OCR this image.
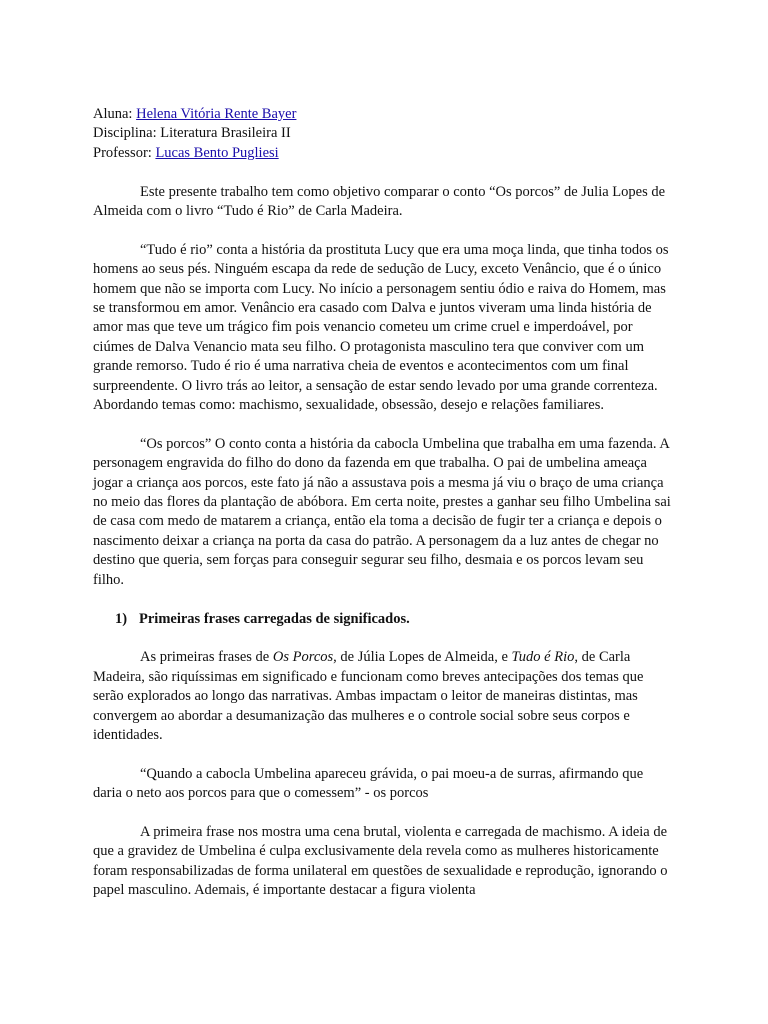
Aluna: Helena Vitória Rente Bayer

Disciplina: Literatura Brasileira II

Professor: Lucas Bento Pugliesi

Este presente trabalho tem como objetivo comparar o conto “Os porcos” de Julia Lopes de Almeida com o livro “Tudo é Rio” de Carla Madeira.

“Tudo é rio” conta a história da prostituta Lucy que era uma moça linda, que tinha todos os homens ao seus pés. Ninguém escapa da rede de sedução de Lucy, exceto Venâncio, que é o único homem que não se importa com Lucy. No início a personagem sentiu ódio e raiva do Homem, mas se transformou em amor. Venâncio era casado com Dalva e juntos viveram uma linda história de amor mas que teve um trágico fim pois venancio cometeu um crime cruel e imperdoável, por ciúmes de Dalva Venancio mata seu filho. O protagonista masculino tera que conviver com um grande remorso. Tudo é rio é uma narrativa cheia de eventos e acontecimentos com um final surpreendente. O livro trás ao leitor, a sensação de estar sendo levado por uma grande correnteza. Abordando temas como: machismo, sexualidade, obsessão, desejo e relações familiares.

“Os porcos” O conto conta a história da cabocla Umbelina que trabalha em uma fazenda. A personagem engravida do filho do dono da fazenda em que trabalha. O pai de umbelina ameaça jogar a criança aos porcos, este fato já não a assustava pois a mesma já viu o braço de uma criança no meio das flores da plantação de abóbora. Em certa noite, prestes a ganhar seu filho Umbelina sai de casa com medo de matarem a criança, então ela toma a decisão de fugir ter a criança e depois o nascimento deixar a criança na porta da casa do patrão. A personagem da a luz antes de chegar no destino que queria, sem forças para conseguir segurar seu filho, desmaia e os porcos levam seu filho.

1) Primeiras frases carregadas de significados.

As primeiras frases de Os Porcos, de Júlia Lopes de Almeida, e Tudo é Rio, de Carla Madeira, são riquíssimas em significado e funcionam como breves antecipações dos temas que serão explorados ao longo das narrativas. Ambas impactam o leitor de maneiras distintas, mas convergem ao abordar a desumanização das mulheres e o controle social sobre seus corpos e identidades.

“Quando a cabocla Umbelina apareceu grávida, o pai moeu-a de surras, afirmando que daria o neto aos porcos para que o comessem” - os porcos

A primeira frase nos mostra uma cena brutal, violenta e carregada de machismo. A ideia de que a gravidez de Umbelina é culpa exclusivamente dela revela como as mulheres historicamente foram responsabilizadas de forma unilateral em questões de sexualidade e reprodução, ignorando o papel masculino. Ademais, é importante destacar a figura violenta
